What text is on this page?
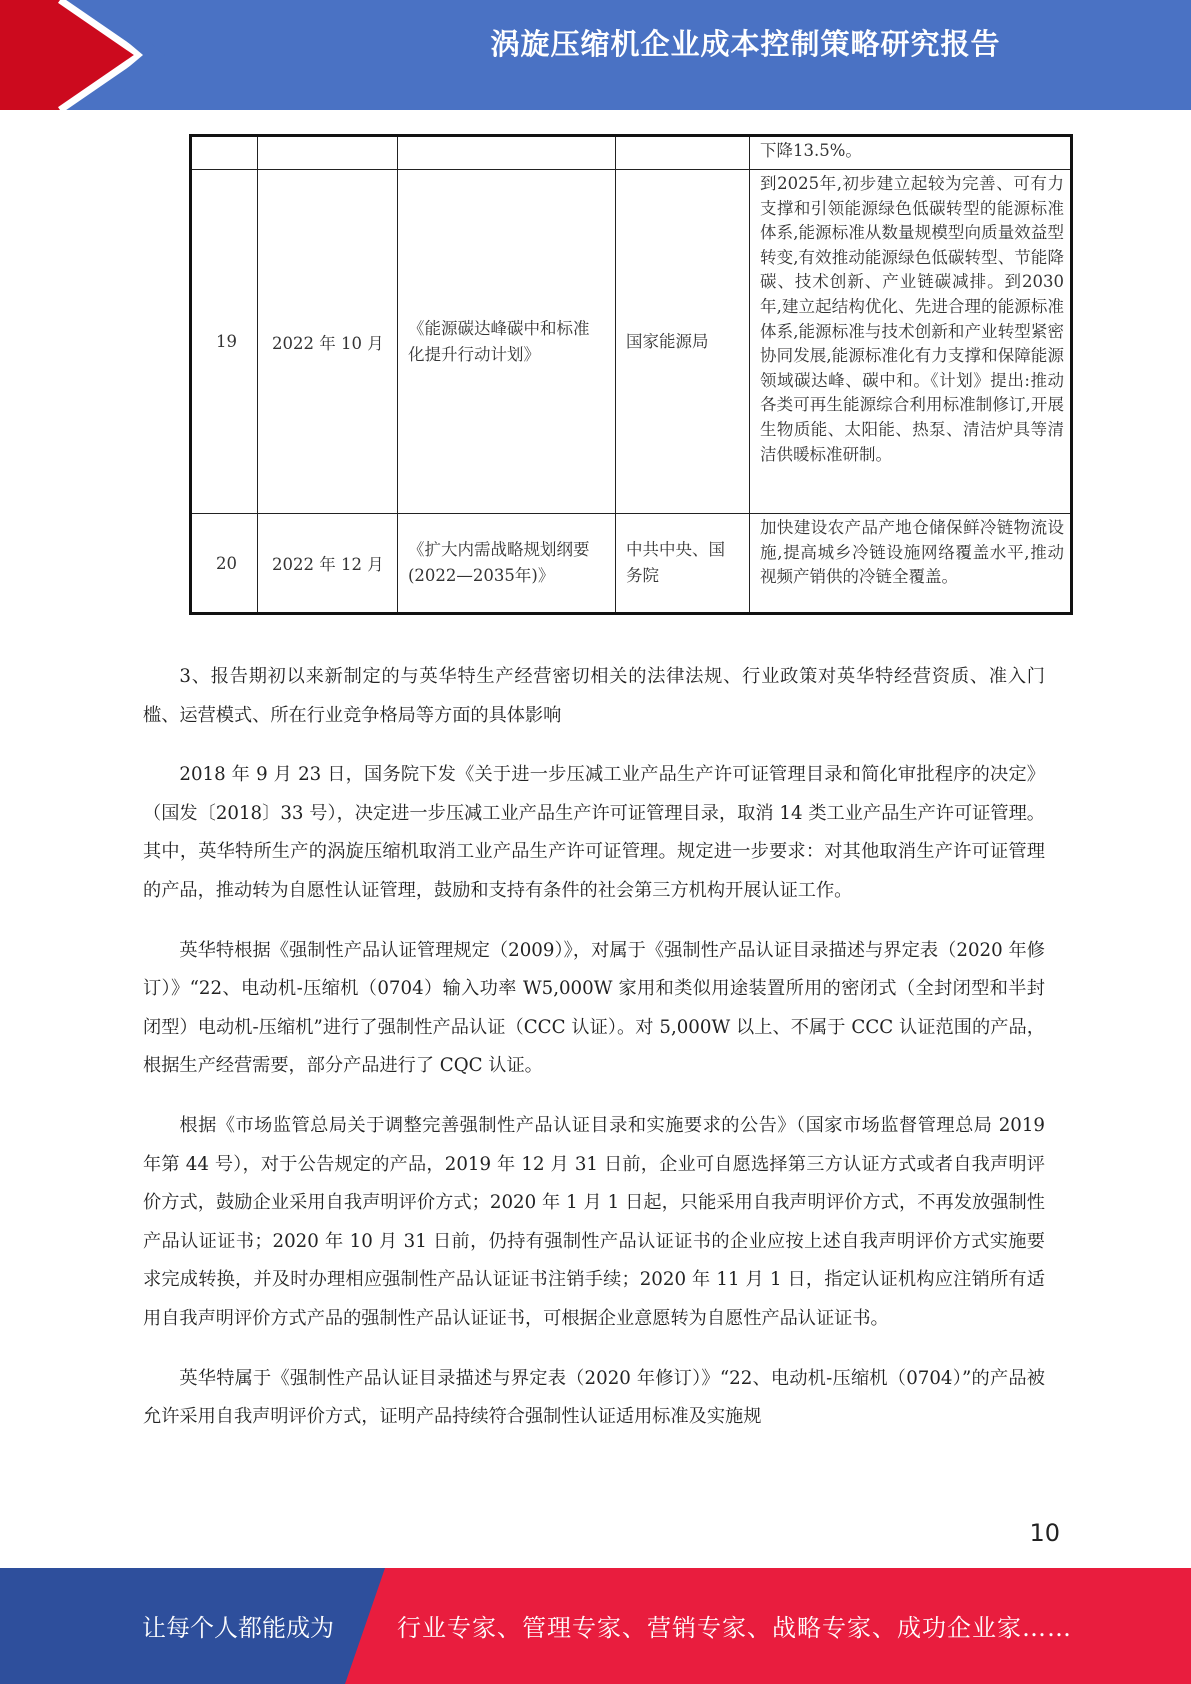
涡旋压缩机企业成本控制策略研究报告
				下降13.5%。
19	2022 年 10 月	《能源碳达峰碳中和标准化提升行动计划》	国家能源局	到2025年,初步建立起较为完善、可有力支撑和引领能源绿色低碳转型的能源标准体系,能源标准从数量规模型向质量效益型转变,有效推动能源绿色低碳转型、节能降碳、技术创新、产业链碳减排。到2030年,建立起结构优化、先进合理的能源标准体系,能源标准与技术创新和产业转型紧密协同发展,能源标准化有力支撑和保障能源领域碳达峰、碳中和。《计划》提出:推动各类可再生能源综合利用标准制修订,开展生物质能、太阳能、热泵、清洁炉具等清洁供暖标准研制。
20	2022 年 12 月	《扩大内需战略规划纲要(2022—2035年)》	中共中央、国务院	加快建设农产品产地仓储保鲜冷链物流设施,提高城乡冷链设施网络覆盖水平,推动视频产销供的冷链全覆盖。

3、报告期初以来新制定的与英华特生产经营密切相关的法律法规、行业政策对英华特经营资质、准入门槛、运营模式、所在行业竞争格局等方面的具体影响

2018 年 9 月 23 日，国务院下发《关于进一步压减工业产品生产许可证管理目录和简化审批程序的决定》（国发〔2018〕33 号），决定进一步压减工业产品生产许可证管理目录，取消 14 类工业产品生产许可证管理。其中，英华特所生产的涡旋压缩机取消工业产品生产许可证管理。规定进一步要求：对其他取消生产许可证管理的产品，推动转为自愿性认证管理，鼓励和支持有条件的社会第三方机构开展认证工作。

英华特根据《强制性产品认证管理规定（2009）》，对属于《强制性产品认证目录描述与界定表（2020 年修订）》“22、电动机-压缩机（0704）输入功率 W5,000W 家用和类似用途装置所用的密闭式（全封闭型和半封闭型）电动机-压缩机”进行了强制性产品认证（CCC 认证）。对 5,000W 以上、不属于 CCC 认证范围的产品，根据生产经营需要，部分产品进行了 CQC 认证。

根据《市场监管总局关于调整完善强制性产品认证目录和实施要求的公告》（国家市场监督管理总局 2019 年第 44 号），对于公告规定的产品，2019 年 12 月 31 日前，企业可自愿选择第三方认证方式或者自我声明评价方式，鼓励企业采用自我声明评价方式；2020 年 1 月 1 日起，只能采用自我声明评价方式，不再发放强制性产品认证证书；2020 年 10 月 31 日前，仍持有强制性产品认证证书的企业应按上述自我声明评价方式实施要求完成转换，并及时办理相应强制性产品认证证书注销手续；2020 年 11 月 1 日，指定认证机构应注销所有适用自我声明评价方式产品的强制性产品认证证书，可根据企业意愿转为自愿性产品认证证书。

英华特属于《强制性产品认证目录描述与界定表（2020 年修订）》“22、电动机-压缩机（0704）”的产品被允许采用自我声明评价方式，证明产品持续符合强制性认证适用标准及实施规

10
让每个人都能成为	行业专家、管理专家、营销专家、战略专家、成功企业家……
